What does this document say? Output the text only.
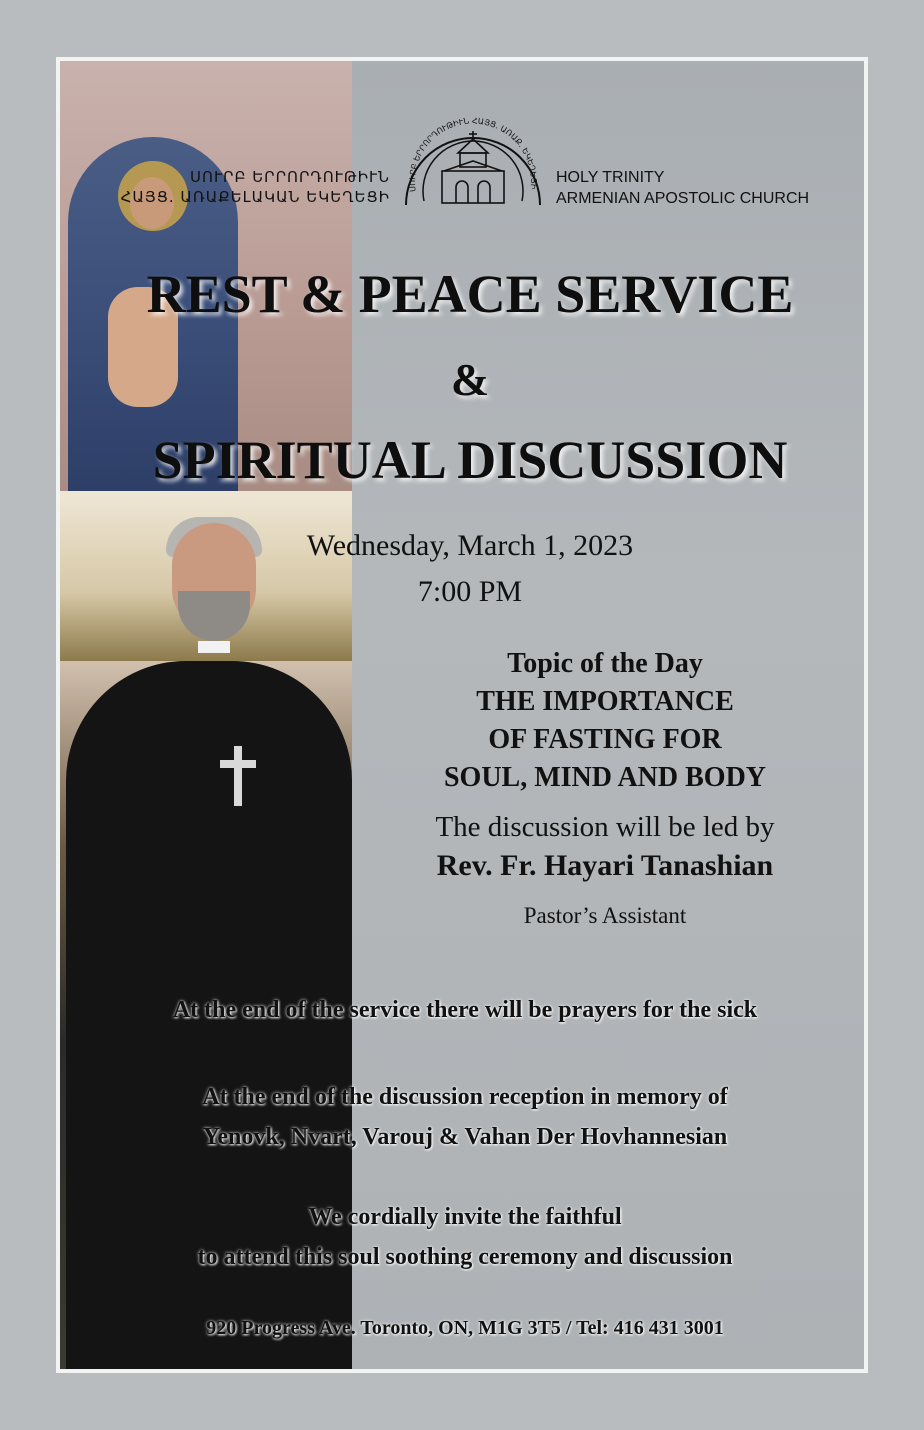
ՍՈՒՐԲ ԵՐՐՈՐԴՈՒԹԻՒՆ
ՀԱՅՑ. ԱՌԱՔԵԼԱԿԱՆ ԵԿԵՂԵՑԻ ՍՈՒՐԲ ԵՐՐՈՐԴՈՒԹԻՒՆ ՀԱՅՑ. ԱՌԱՔ. ԵԿԵՂԵՑԻ
HOLY TRINITY
ARMENIAN APOSTOLIC CHURCH
REST & PEACE SERVICE
&
SPIRITUAL DISCUSSION

Wednesday, March 1, 2023

7:00 PM

Topic of the Day
THE IMPORTANCE
OF FASTING FOR
SOUL, MIND AND BODY

The discussion will be led by

Rev. Fr. Hayari Tanashian

Pastor’s Assistant

At the end of the service there will be prayers for the sick

At the end of the discussion reception in memory of
Yenovk, Nvart, Varouj & Vahan Der Hovhannesian
We cordially invite the faithful
to attend this soul soothing ceremony and discussion

920 Progress Ave. Toronto, ON, M1G 3T5 / Tel: 416 431 3001
